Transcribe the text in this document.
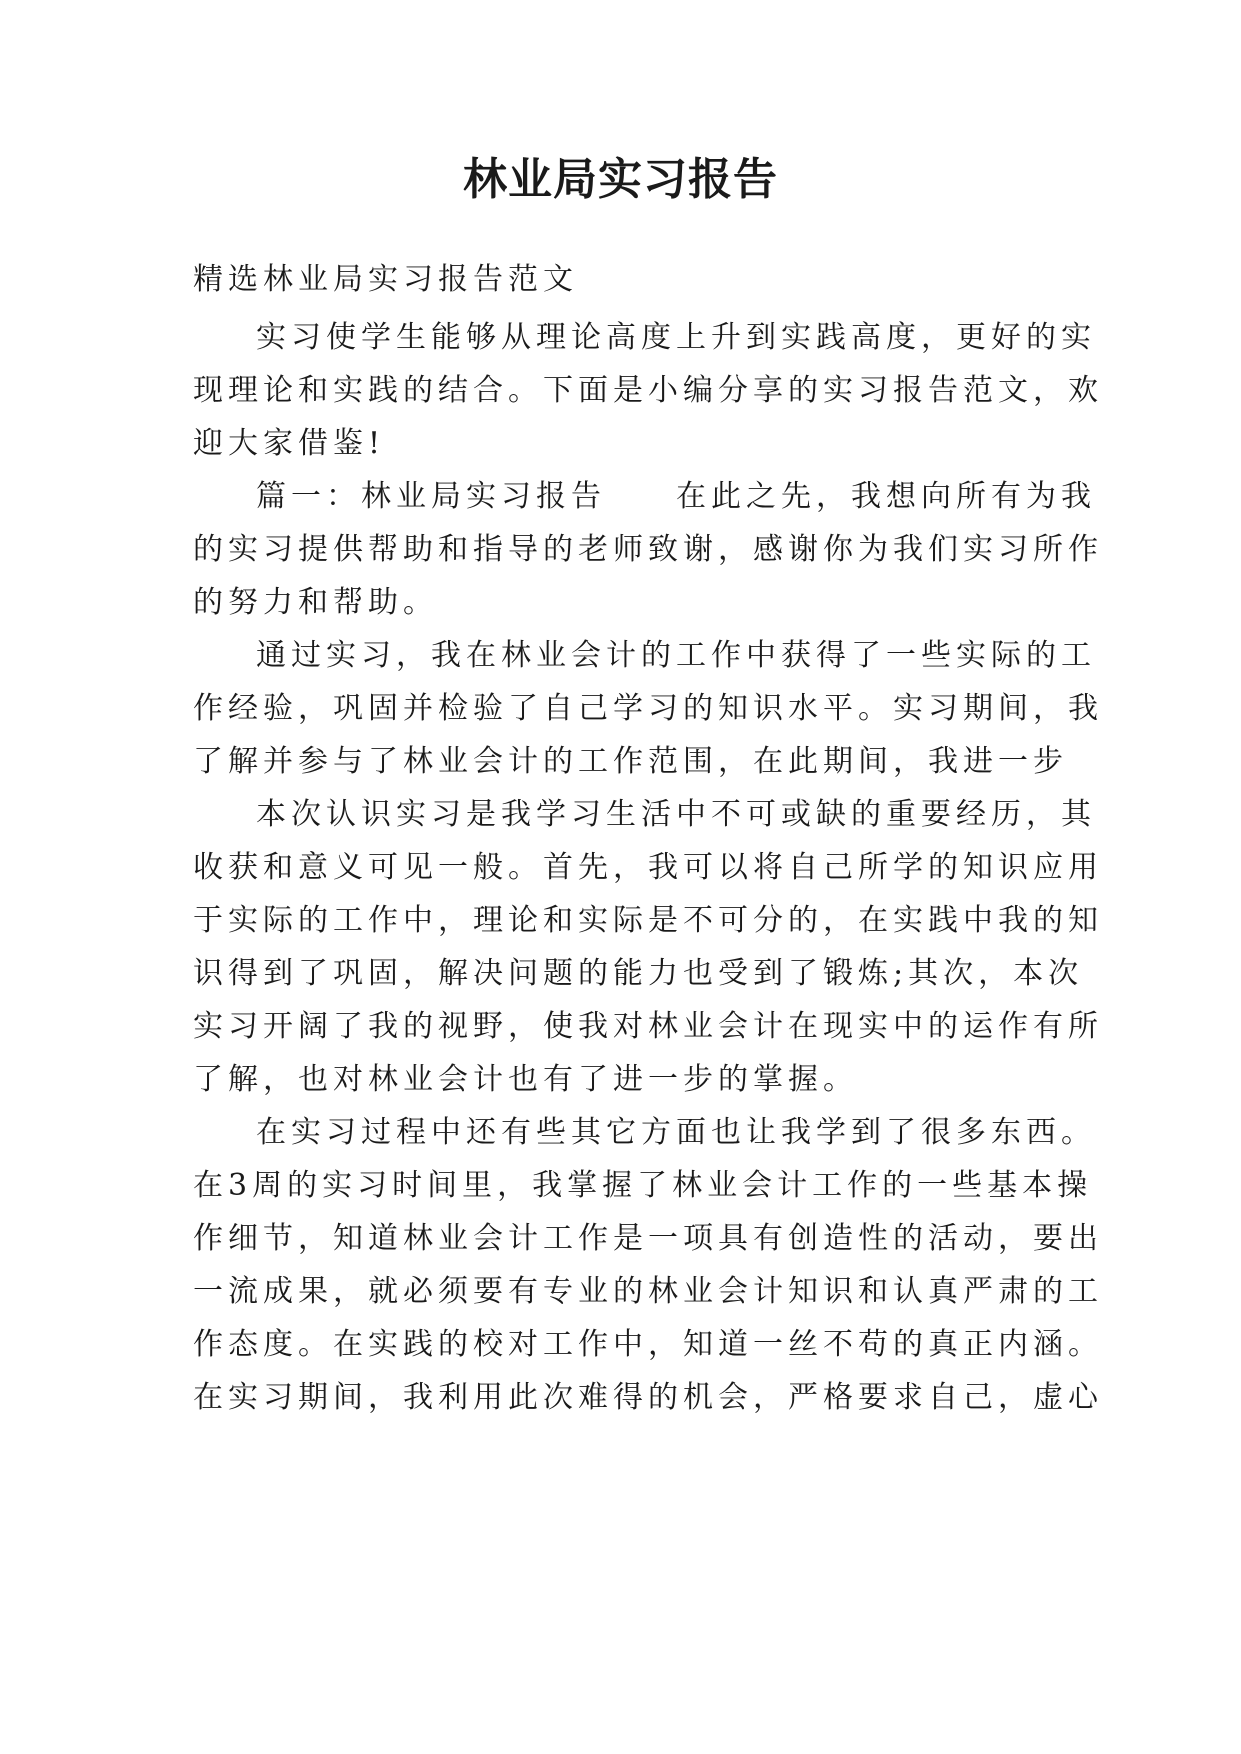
林业局实习报告

精选林业局实习报告范文

实习使学生能够从理论高度上升到实践高度，更好的实

现理论和实践的结合。下面是小编分享的实习报告范文，欢

迎大家借鉴!

篇一：林业局实习报告　　在此之先，我想向所有为我

的实习提供帮助和指导的老师致谢，感谢你为我们实习所作

的努力和帮助。

通过实习，我在林业会计的工作中获得了一些实际的工

作经验，巩固并检验了自己学习的知识水平。实习期间，我

了解并参与了林业会计的工作范围，在此期间，我进一步

本次认识实习是我学习生活中不可或缺的重要经历，其

收获和意义可见一般。首先，我可以将自己所学的知识应用

于实际的工作中，理论和实际是不可分的，在实践中我的知

识得到了巩固，解决问题的能力也受到了锻炼;其次，本次

实习开阔了我的视野，使我对林业会计在现实中的运作有所

了解，也对林业会计也有了进一步的掌握。

在实习过程中还有些其它方面也让我学到了很多东西。

在3周的实习时间里，我掌握了林业会计工作的一些基本操

作细节，知道林业会计工作是一项具有创造性的活动，要出

一流成果，就必须要有专业的林业会计知识和认真严肃的工

作态度。在实践的校对工作中，知道一丝不苟的真正内涵。

在实习期间，我利用此次难得的机会，严格要求自己，虚心
